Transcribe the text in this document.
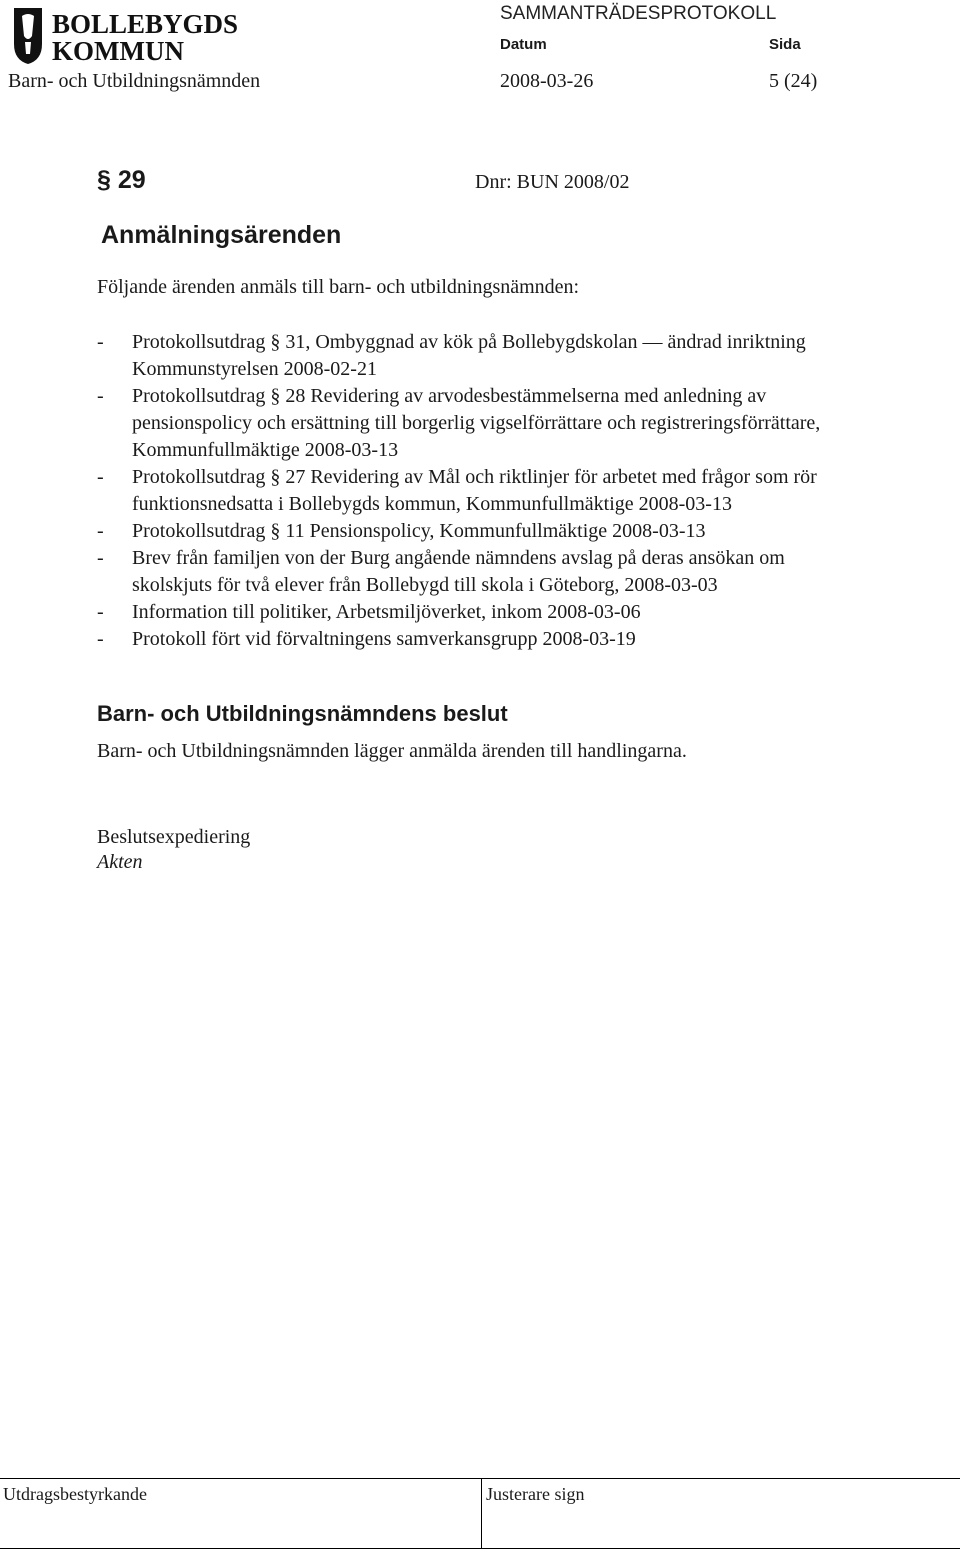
BOLLEBYGDS
KOMMUN
SAMMANTRÄDESPROTOKOLL
Datum	Sida
Barn- och Utbildningsnämnden	2008-03-26	5 (24)
§ 29	Dnr: BUN 2008/02
Anmälningsärenden
Följande ärenden anmäls till barn- och utbildningsnämnden:
- Protokollsutdrag § 31, Ombyggnad av kök på Bollebygdskolan — ändrad inriktning
Kommunstyrelsen 2008-02-21
- Protokollsutdrag § 28 Revidering av arvodesbestämmelserna med anledning av
pensionspolicy och ersättning till borgerlig vigselförrättare och registreringsförrättare,
Kommunfullmäktige 2008-03-13
- Protokollsutdrag § 27 Revidering av Mål och riktlinjer för arbetet med frågor som rör
funktionsnedsatta i Bollebygds kommun, Kommunfullmäktige 2008-03-13
- Protokollsutdrag § 11 Pensionspolicy, Kommunfullmäktige 2008-03-13
- Brev från familjen von der Burg angående nämndens avslag på deras ansökan om
skolskjuts för två elever från Bollebygd till skola i Göteborg, 2008-03-03
- Information till politiker, Arbetsmiljöverket, inkom 2008-03-06
- Protokoll fört vid förvaltningens samverkansgrupp 2008-03-19
Barn- och Utbildningsnämndens beslut
Barn- och Utbildningsnämnden lägger anmälda ärenden till handlingarna.
Beslutsexpediering
Akten
Utdragsbestyrkande	Justerare sign
